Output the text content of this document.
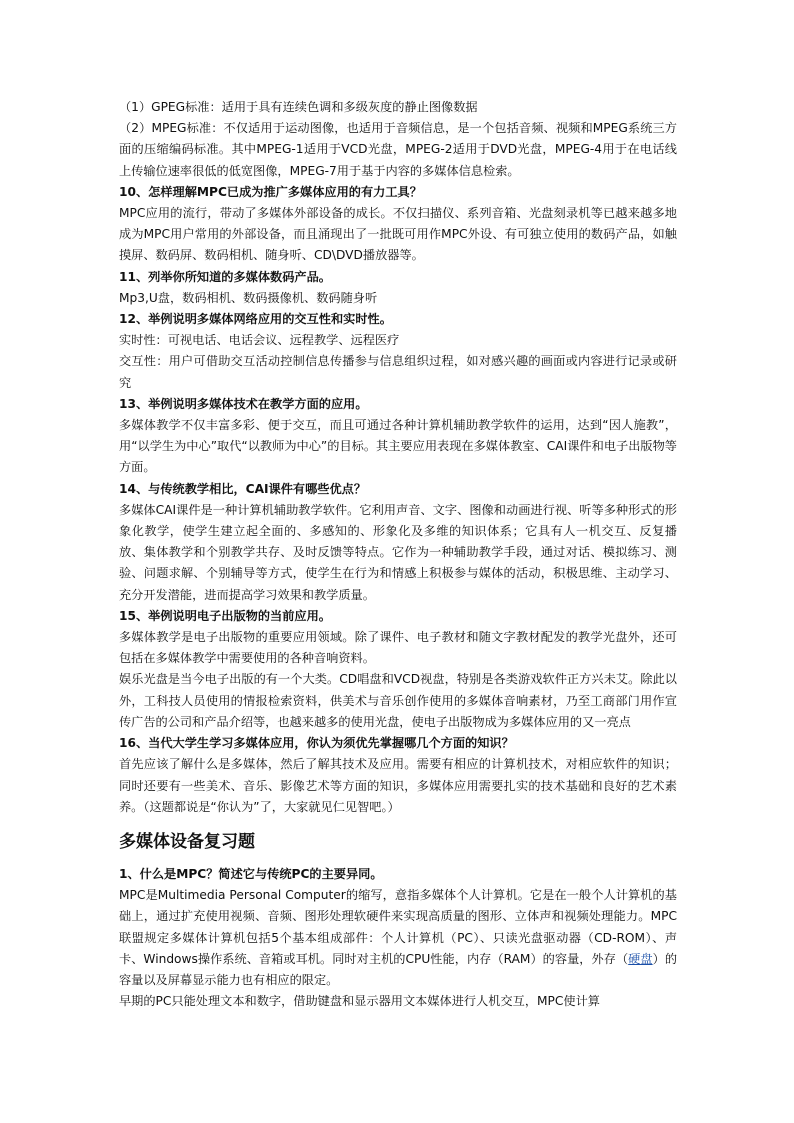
（1）GPEG标准：适用于具有连续色调和多级灰度的静止图像数据

（2）MPEG标准：不仅适用于运动图像，也适用于音频信息，是一个包括音频、视频和MPEG系统三方面的压缩编码标准。其中MPEG-1适用于VCD光盘，MPEG-2适用于DVD光盘，MPEG-4用于在电话线上传输位速率很低的低宽图像，MPEG-7用于基于内容的多媒体信息检索。

10、怎样理解MPC已成为推广多媒体应用的有力工具？

MPC应用的流行，带动了多媒体外部设备的成长。不仅扫描仪、系列音箱、光盘刻录机等已越来越多地成为MPC用户常用的外部设备，而且涌现出了一批既可用作MPC外设、有可独立使用的数码产品，如触摸屏、数码屏、数码相机、随身听、CD\DVD播放器等。

11、列举你所知道的多媒体数码产品。

Mp3,U盘，数码相机、数码摄像机、数码随身听

12、举例说明多媒体网络应用的交互性和实时性。

实时性：可视电话、电话会议、远程教学、远程医疗

交互性：用户可借助交互活动控制信息传播参与信息组织过程，如对感兴趣的画面或内容进行记录或研究

13、举例说明多媒体技术在教学方面的应用。

多媒体教学不仅丰富多彩、便于交互，而且可通过各种计算机辅助教学软件的运用，达到“因人施教”，用“以学生为中心”取代“以教师为中心”的目标。其主要应用表现在多媒体教室、CAI课件和电子出版物等方面。

14、与传统教学相比，CAI课件有哪些优点？

多媒体CAI课件是一种计算机辅助教学软件。它利用声音、文字、图像和动画进行视、听等多种形式的形象化教学，使学生建立起全面的、多感知的、形象化及多维的知识体系；它具有人一机交互、反复播放、集体教学和个别教学共存、及时反馈等特点。它作为一种辅助教学手段，通过对话、模拟练习、测验、问题求解、个别辅导等方式，使学生在行为和情感上积极参与媒体的活动，积极思维、主动学习、充分开发潜能，进而提高学习效果和教学质量。

15、举例说明电子出版物的当前应用。

多媒体教学是电子出版物的重要应用领域。除了课件、电子教材和随文字教材配发的教学光盘外，还可包括在多媒体教学中需要使用的各种音响资料。

娱乐光盘是当今电子出版的有一个大类。CD唱盘和VCD视盘，特别是各类游戏软件正方兴未艾。除此以外，工科技人员使用的情报检索资料，供美术与音乐创作使用的多媒体音响素材，乃至工商部门用作宣传广告的公司和产品介绍等，也越来越多的使用光盘，使电子出版物成为多媒体应用的又一亮点

16、当代大学生学习多媒体应用，你认为须优先掌握哪几个方面的知识？

首先应该了解什么是多媒体，然后了解其技术及应用。需要有相应的计算机技术，对相应软件的知识；同时还要有一些美术、音乐、影像艺术等方面的知识，多媒体应用需要扎实的技术基础和良好的艺术素养。（这题都说是“你认为”了，大家就见仁见智吧。）

多媒体设备复习题

1、什么是MPC？简述它与传统PC的主要异同。

MPC是Multimedia Personal Computer的缩写，意指多媒体个人计算机。它是在一般个人计算机的基础上，通过扩充使用视频、音频、图形处理软硬件来实现高质量的图形、立体声和视频处理能力。MPC联盟规定多媒体计算机包括5个基本组成部件：个人计算机（PC）、只读光盘驱动器（CD-ROM）、声卡、Windows操作系统、音箱或耳机。同时对主机的CPU性能，内存（RAM）的容量，外存（硬盘）的容量以及屏幕显示能力也有相应的限定。

早期的PC只能处理文本和数字，借助键盘和显示器用文本媒体进行人机交互，MPC使计算
